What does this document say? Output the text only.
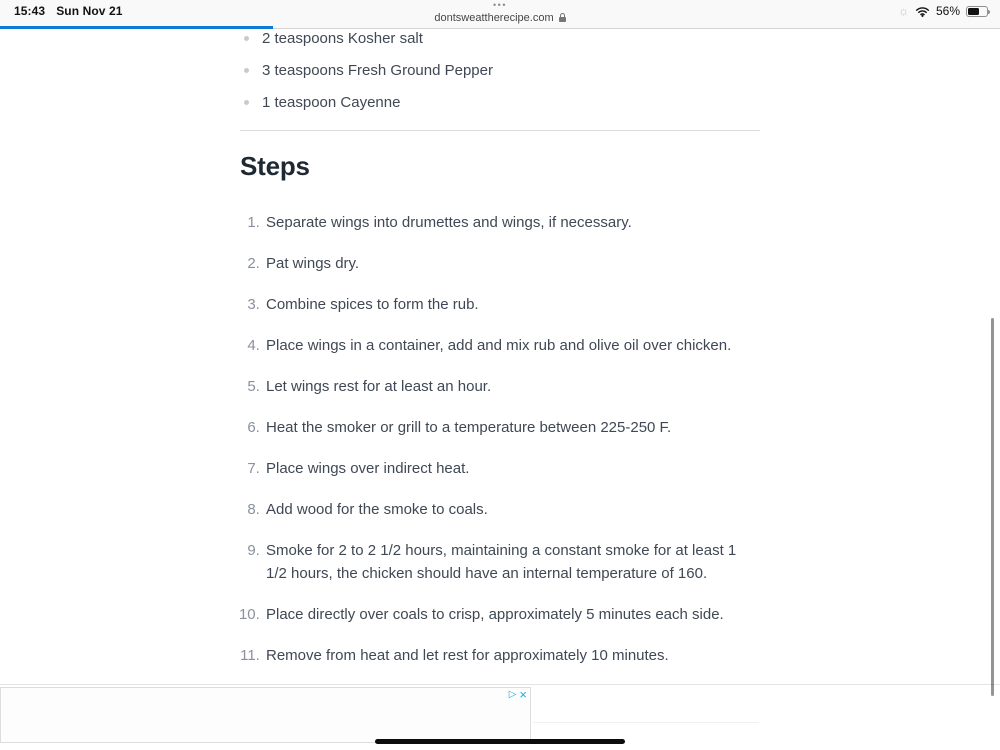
15:43 Sun Nov 21	•••
dontsweattherecipe.com	☼ 56%
2 teaspoons Kosher salt
3 teaspoons Fresh Ground Pepper
1 teaspoon Cayenne
Steps
1. Separate wings into drumettes and wings, if necessary.
2. Pat wings dry.
3. Combine spices to form the rub.
4. Place wings in a container, add and mix rub and olive oil over chicken.
5. Let wings rest for at least an hour.
6. Heat the smoker or grill to a temperature between 225-250 F.
7. Place wings over indirect heat.
8. Add wood for the smoke to coals.
9. Smoke for 2 to 2 1/2 hours, maintaining a constant smoke for at least 1 1/2 hours, the chicken should have an internal temperature of 160.
10. Place directly over coals to crisp, approximately 5 minutes each side.
11. Remove from heat and let rest for approximately 10 minutes.
▷ ×
